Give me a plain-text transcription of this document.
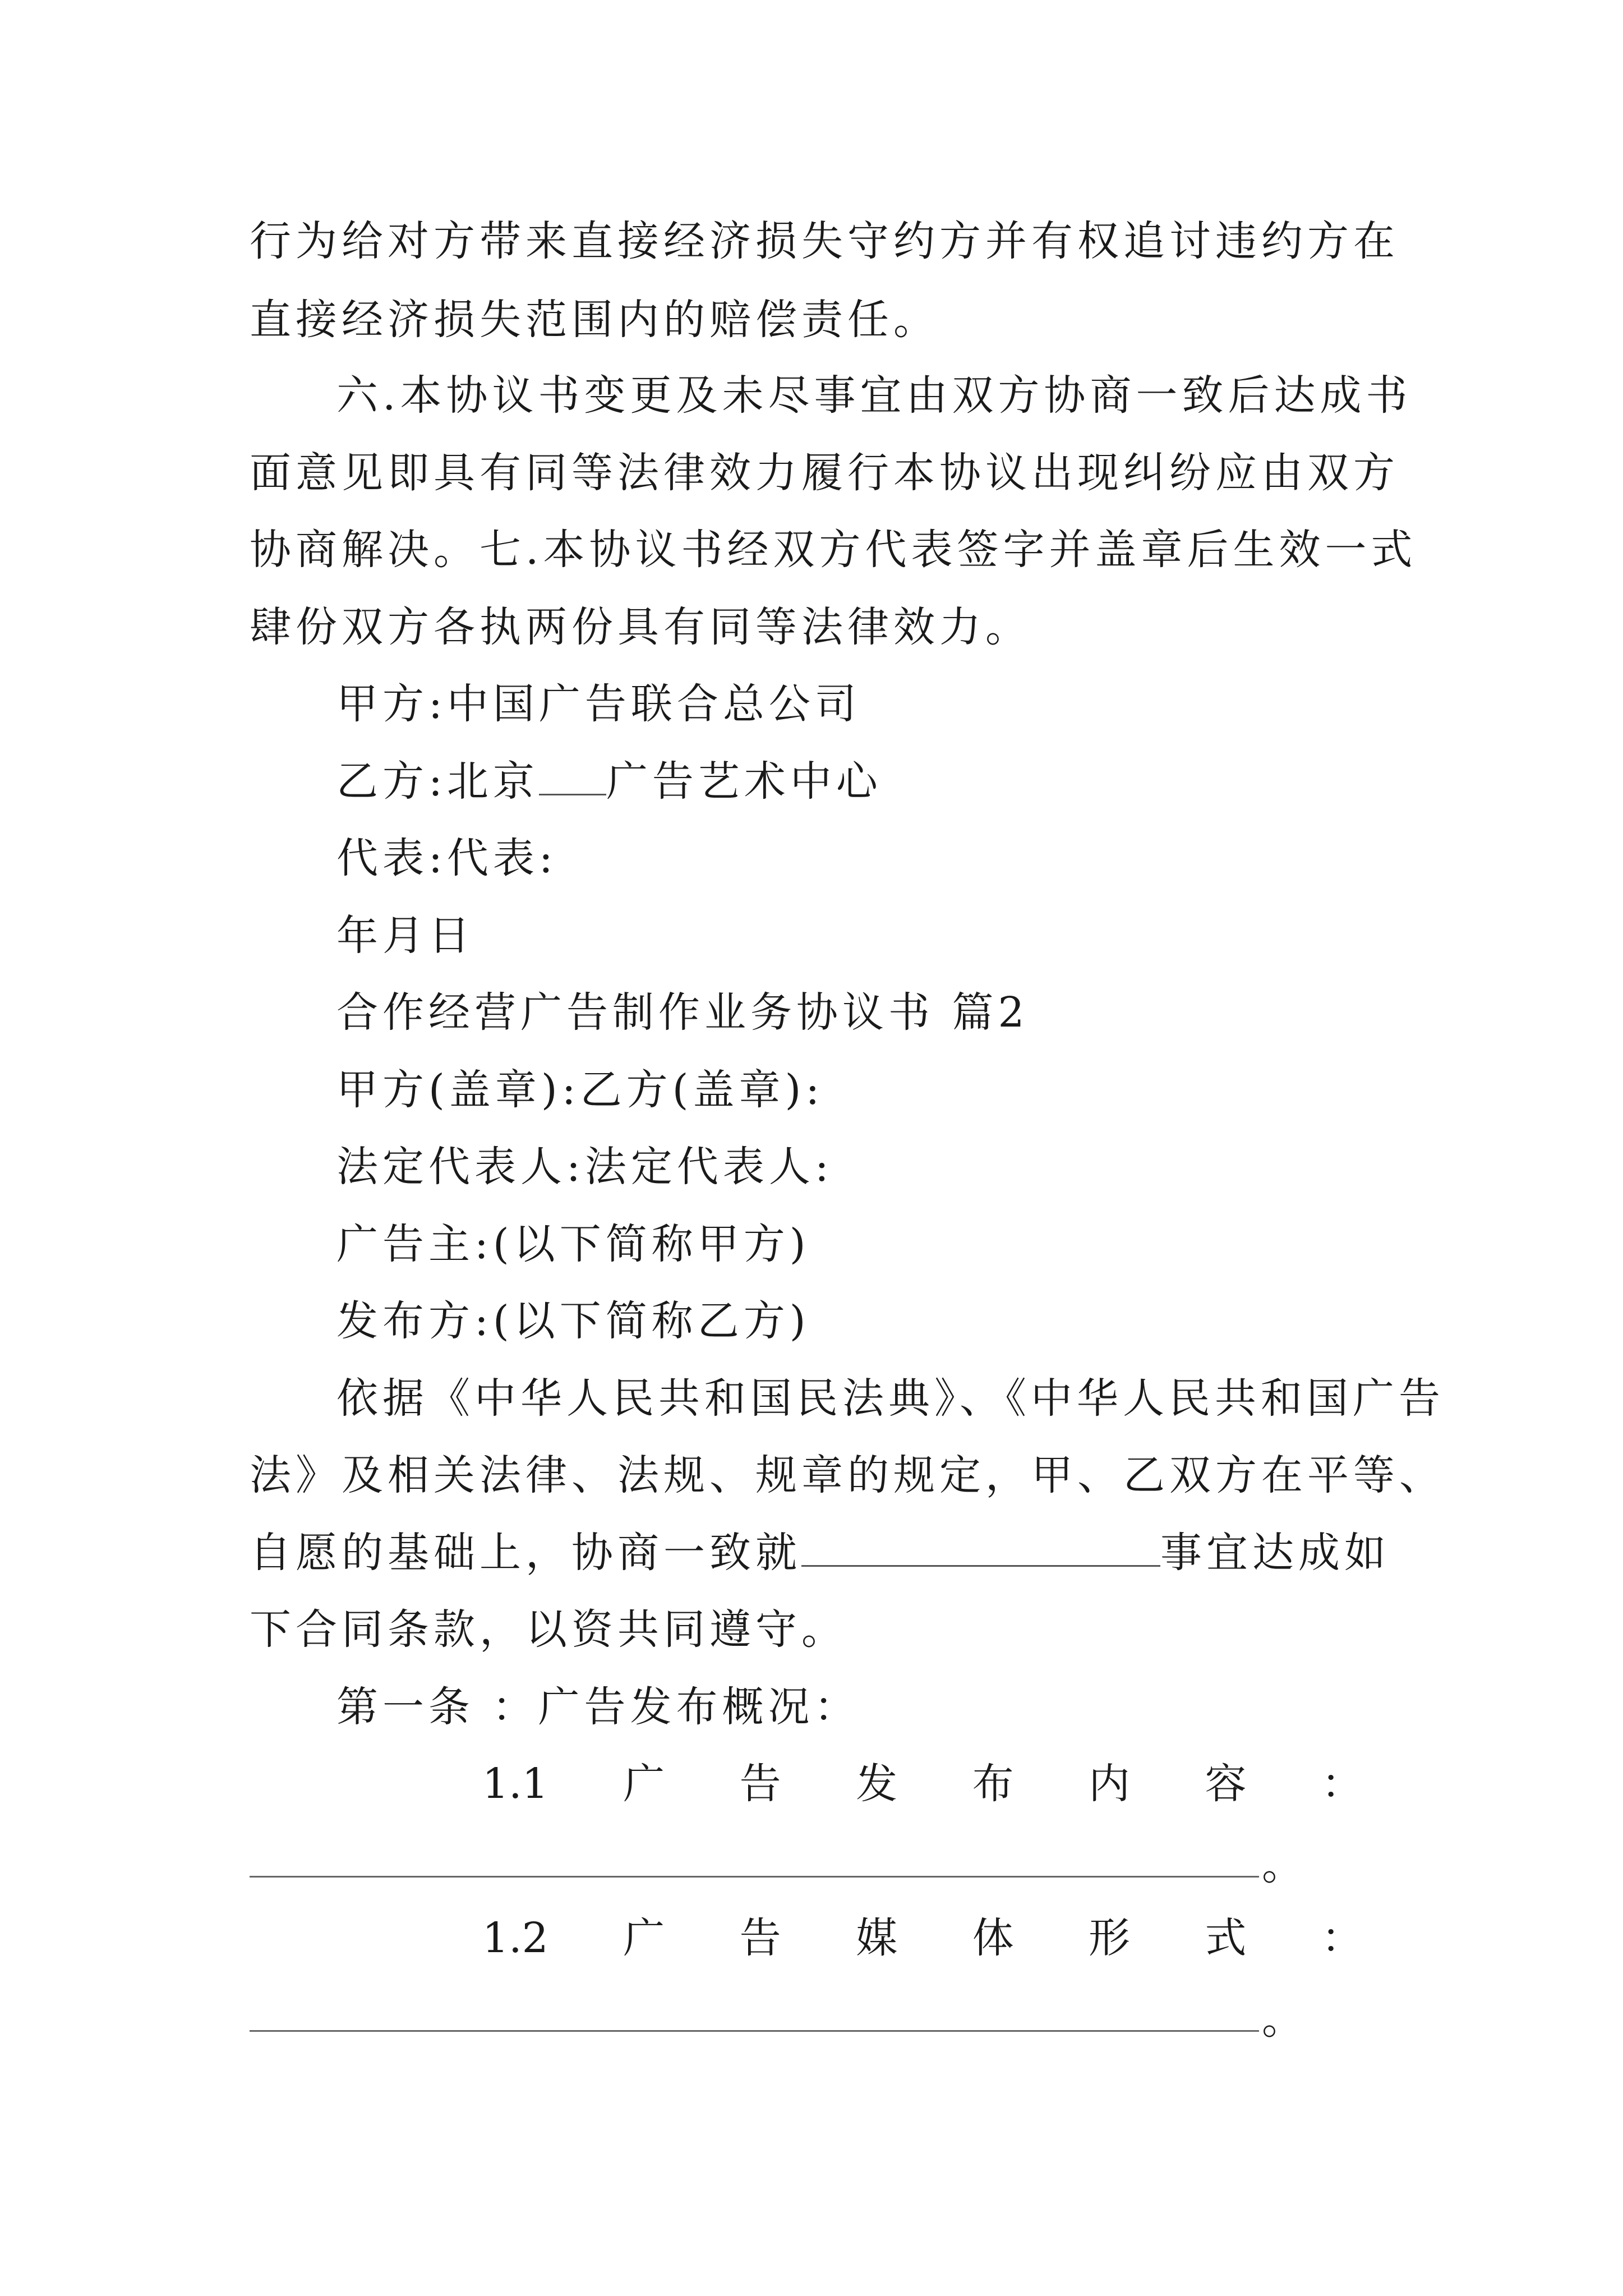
行为给对方带来直接经济损失守约方并有权追讨违约方在
直接经济损失范围内的赔偿责任。
六.本协议书变更及未尽事宜由双方协商一致后达成书
面意见即具有同等法律效力履行本协议出现纠纷应由双方
协商解决。七.本协议书经双方代表签字并盖章后生效一式
肆份双方各执两份具有同等法律效力。
甲方:中国广告联合总公司
乙方:北京 广告艺术中心
代表:代表:
年月日
合作经营广告制作业务协议书 篇2
甲方(盖章):乙方(盖章):
法定代表人:法定代表人:
广告主:(以下简称甲方)
发布方:(以下简称乙方)
依据《中华人民共和国民法典》、《中华人民共和国广告
法》及相关法律、法规、规章的规定，甲、乙双方在平等、
自愿的基础上，协商一致就	事宜达成如
下合同条款，以资共同遵守。
第一条 ：广告发布概况：
1.1 广 告 发 布 内 容 ：
。
1.2 广 告 媒 体 形 式 ：
。
